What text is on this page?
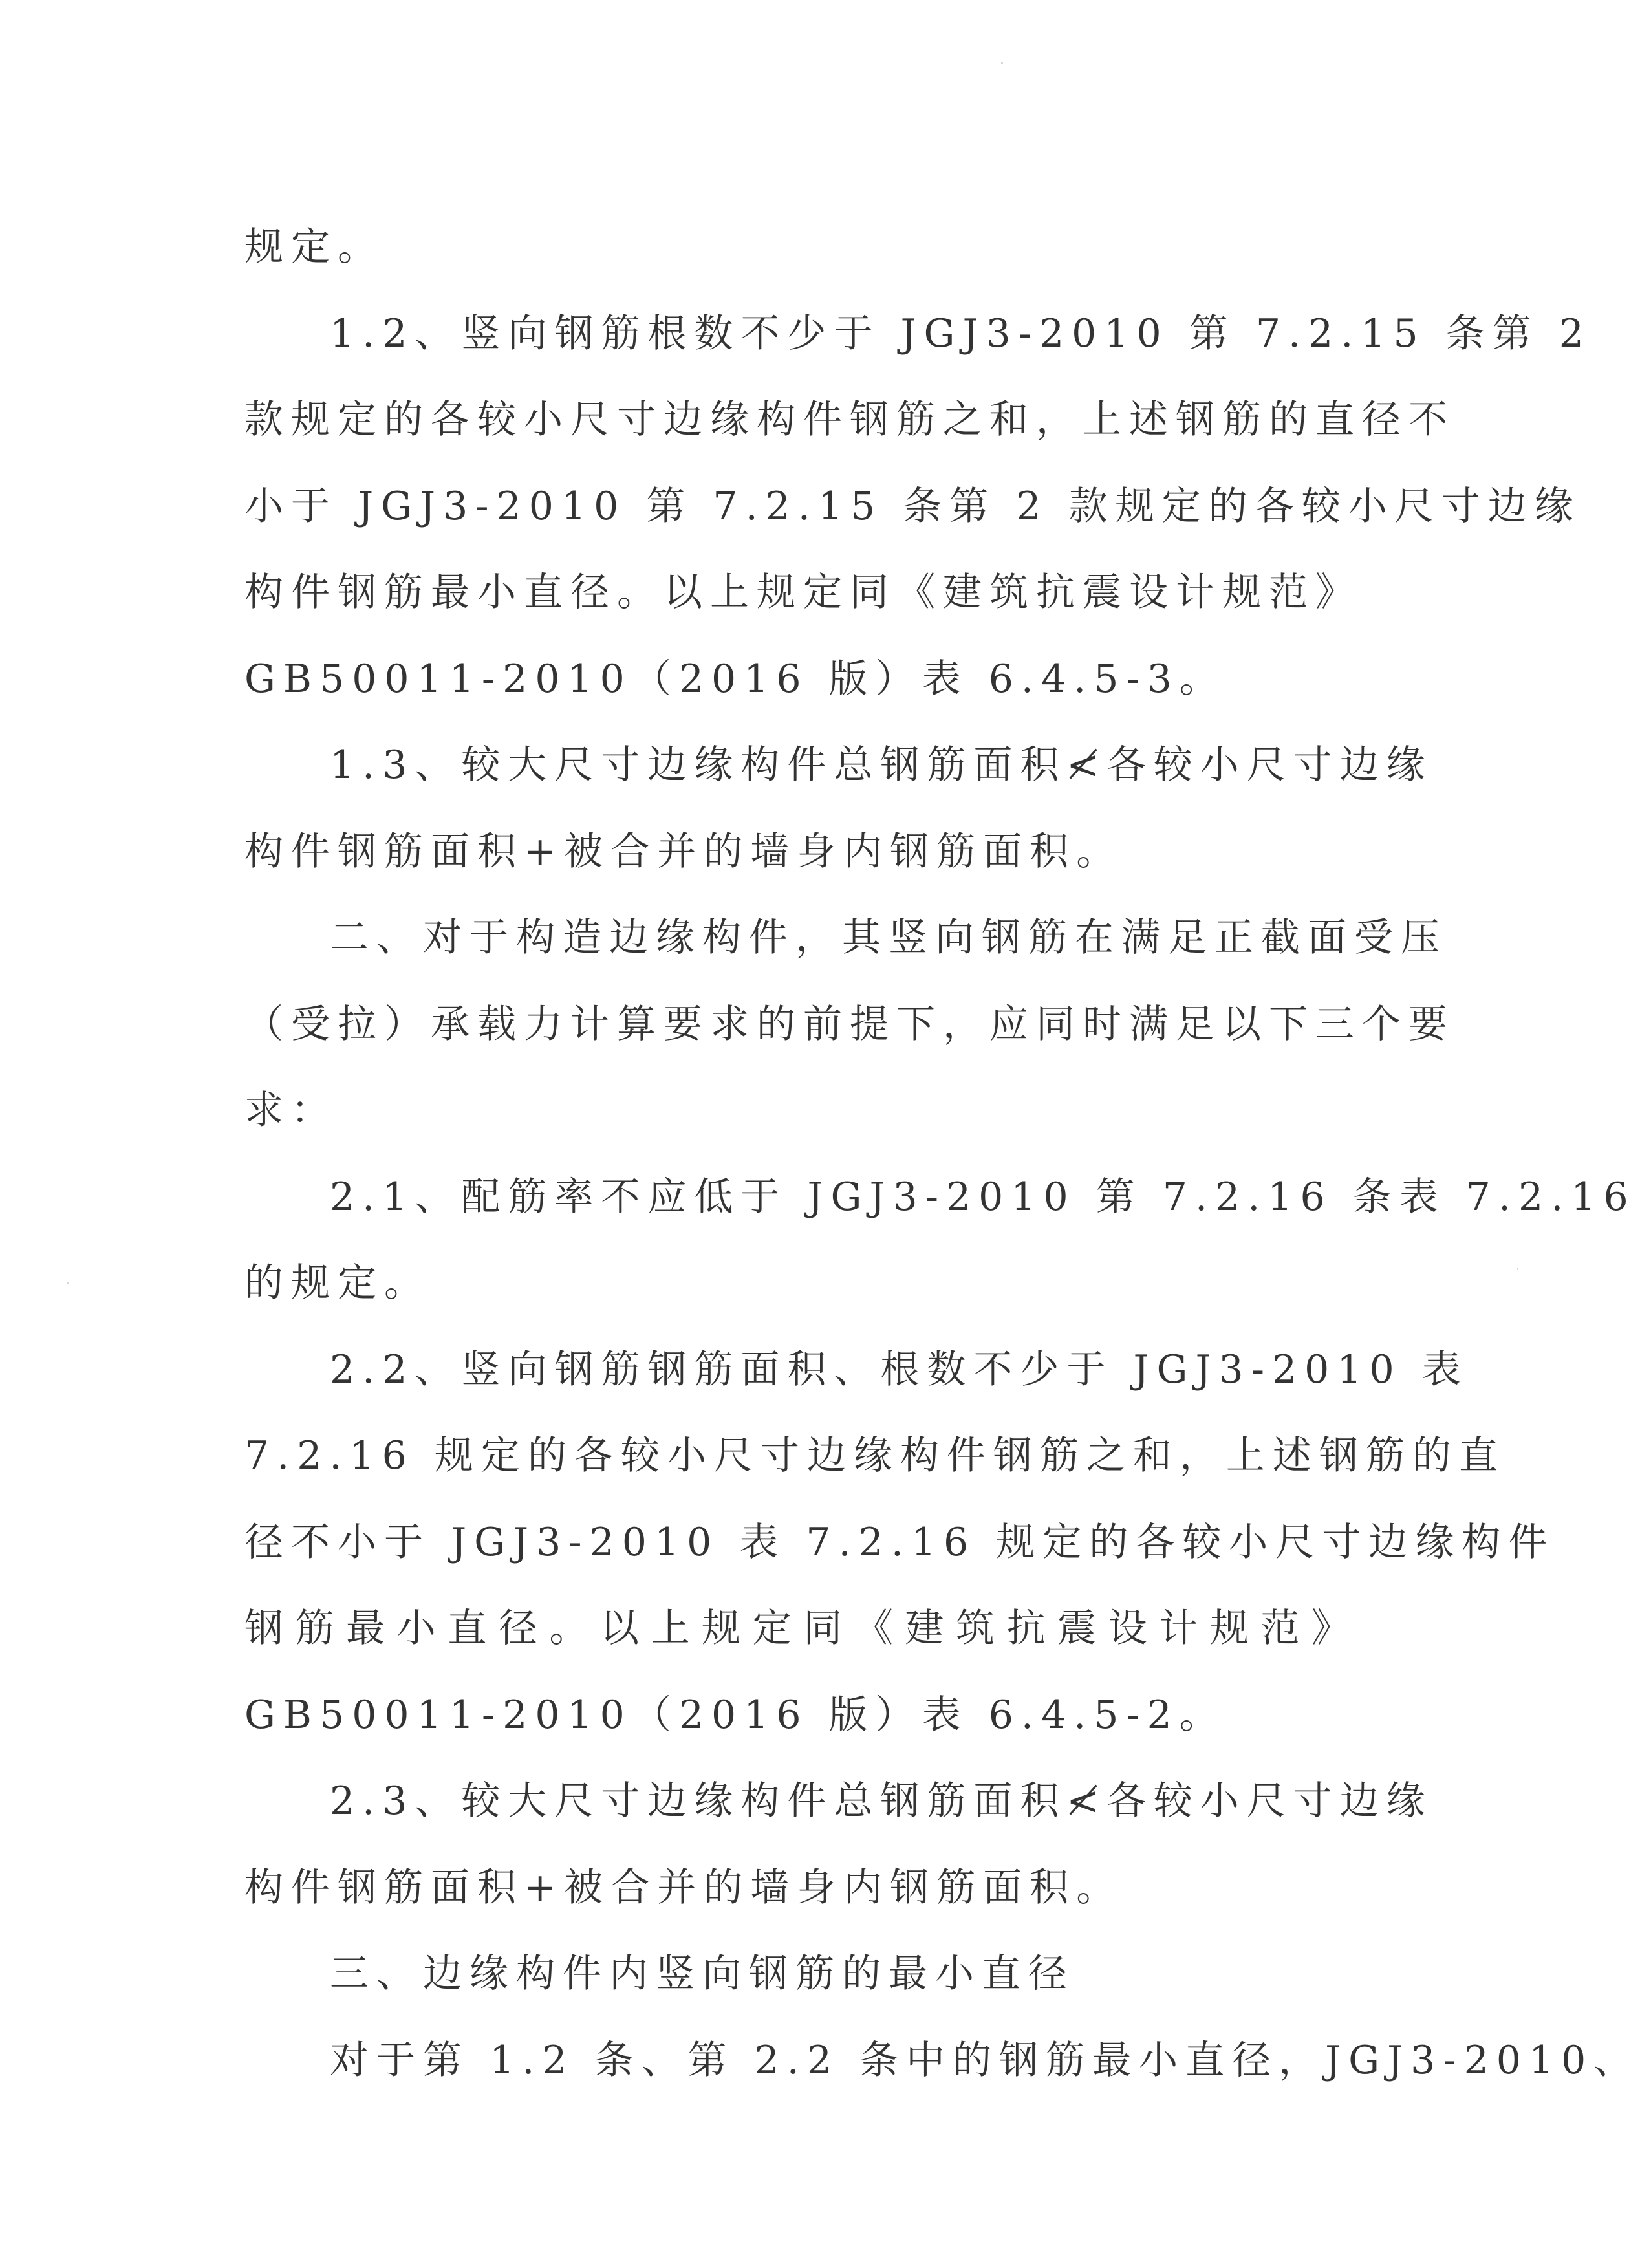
规定。
1.2、竖向钢筋根数不少于 JGJ3-2010 第 7.2.15 条第 2
款规定的各较小尺寸边缘构件钢筋之和，上述钢筋的直径不
小于 JGJ3-2010 第 7.2.15 条第 2 款规定的各较小尺寸边缘
构件钢筋最小直径。以上规定同《建筑抗震设计规范》
GB50011-2010（2016 版）表 6.4.5-3。
1.3、较大尺寸边缘构件总钢筋面积≮各较小尺寸边缘
构件钢筋面积+被合并的墙身内钢筋面积。
二、对于构造边缘构件，其竖向钢筋在满足正截面受压
（受拉）承载力计算要求的前提下，应同时满足以下三个要
求：
2.1、配筋率不应低于 JGJ3-2010 第 7.2.16 条表 7.2.16
的规定。
2.2、竖向钢筋钢筋面积、根数不少于 JGJ3-2010 表
7.2.16 规定的各较小尺寸边缘构件钢筋之和，上述钢筋的直
径不小于 JGJ3-2010 表 7.2.16 规定的各较小尺寸边缘构件
钢筋最小直径。以上规定同《建筑抗震设计规范》
GB50011-2010（2016 版）表 6.4.5-2。
2.3、较大尺寸边缘构件总钢筋面积≮各较小尺寸边缘
构件钢筋面积+被合并的墙身内钢筋面积。
三、边缘构件内竖向钢筋的最小直径
对于第 1.2 条、第 2.2 条中的钢筋最小直径，JGJ3-2010、
